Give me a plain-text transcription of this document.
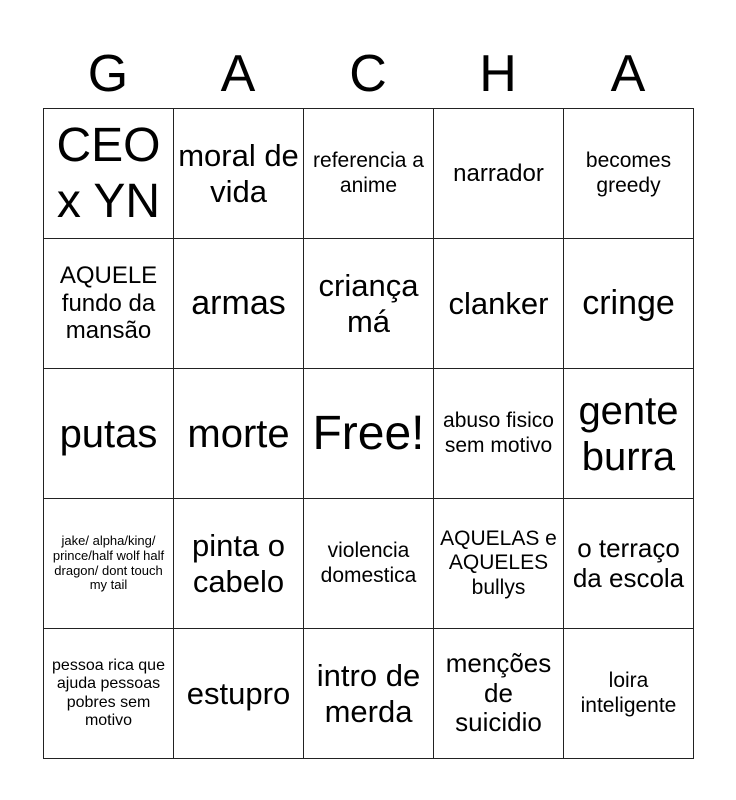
G	A	C	H	A
CEO x YN	moral de vida	referencia a anime	narrador	becomes greedy
AQUELE fundo da mansão	armas	criança má	clanker	cringe
putas	morte	Free!	abuso fisico sem motivo	gente burra
jake/ alpha/king/ prince/half wolf half dragon/ dont touch my tail	pinta o cabelo	violencia domestica	AQUELAS e AQUELES bullys	o terraço da escola
pessoa rica que ajuda pessoas pobres sem motivo	estupro	intro de merda	menções de suicidio	loira inteligente
